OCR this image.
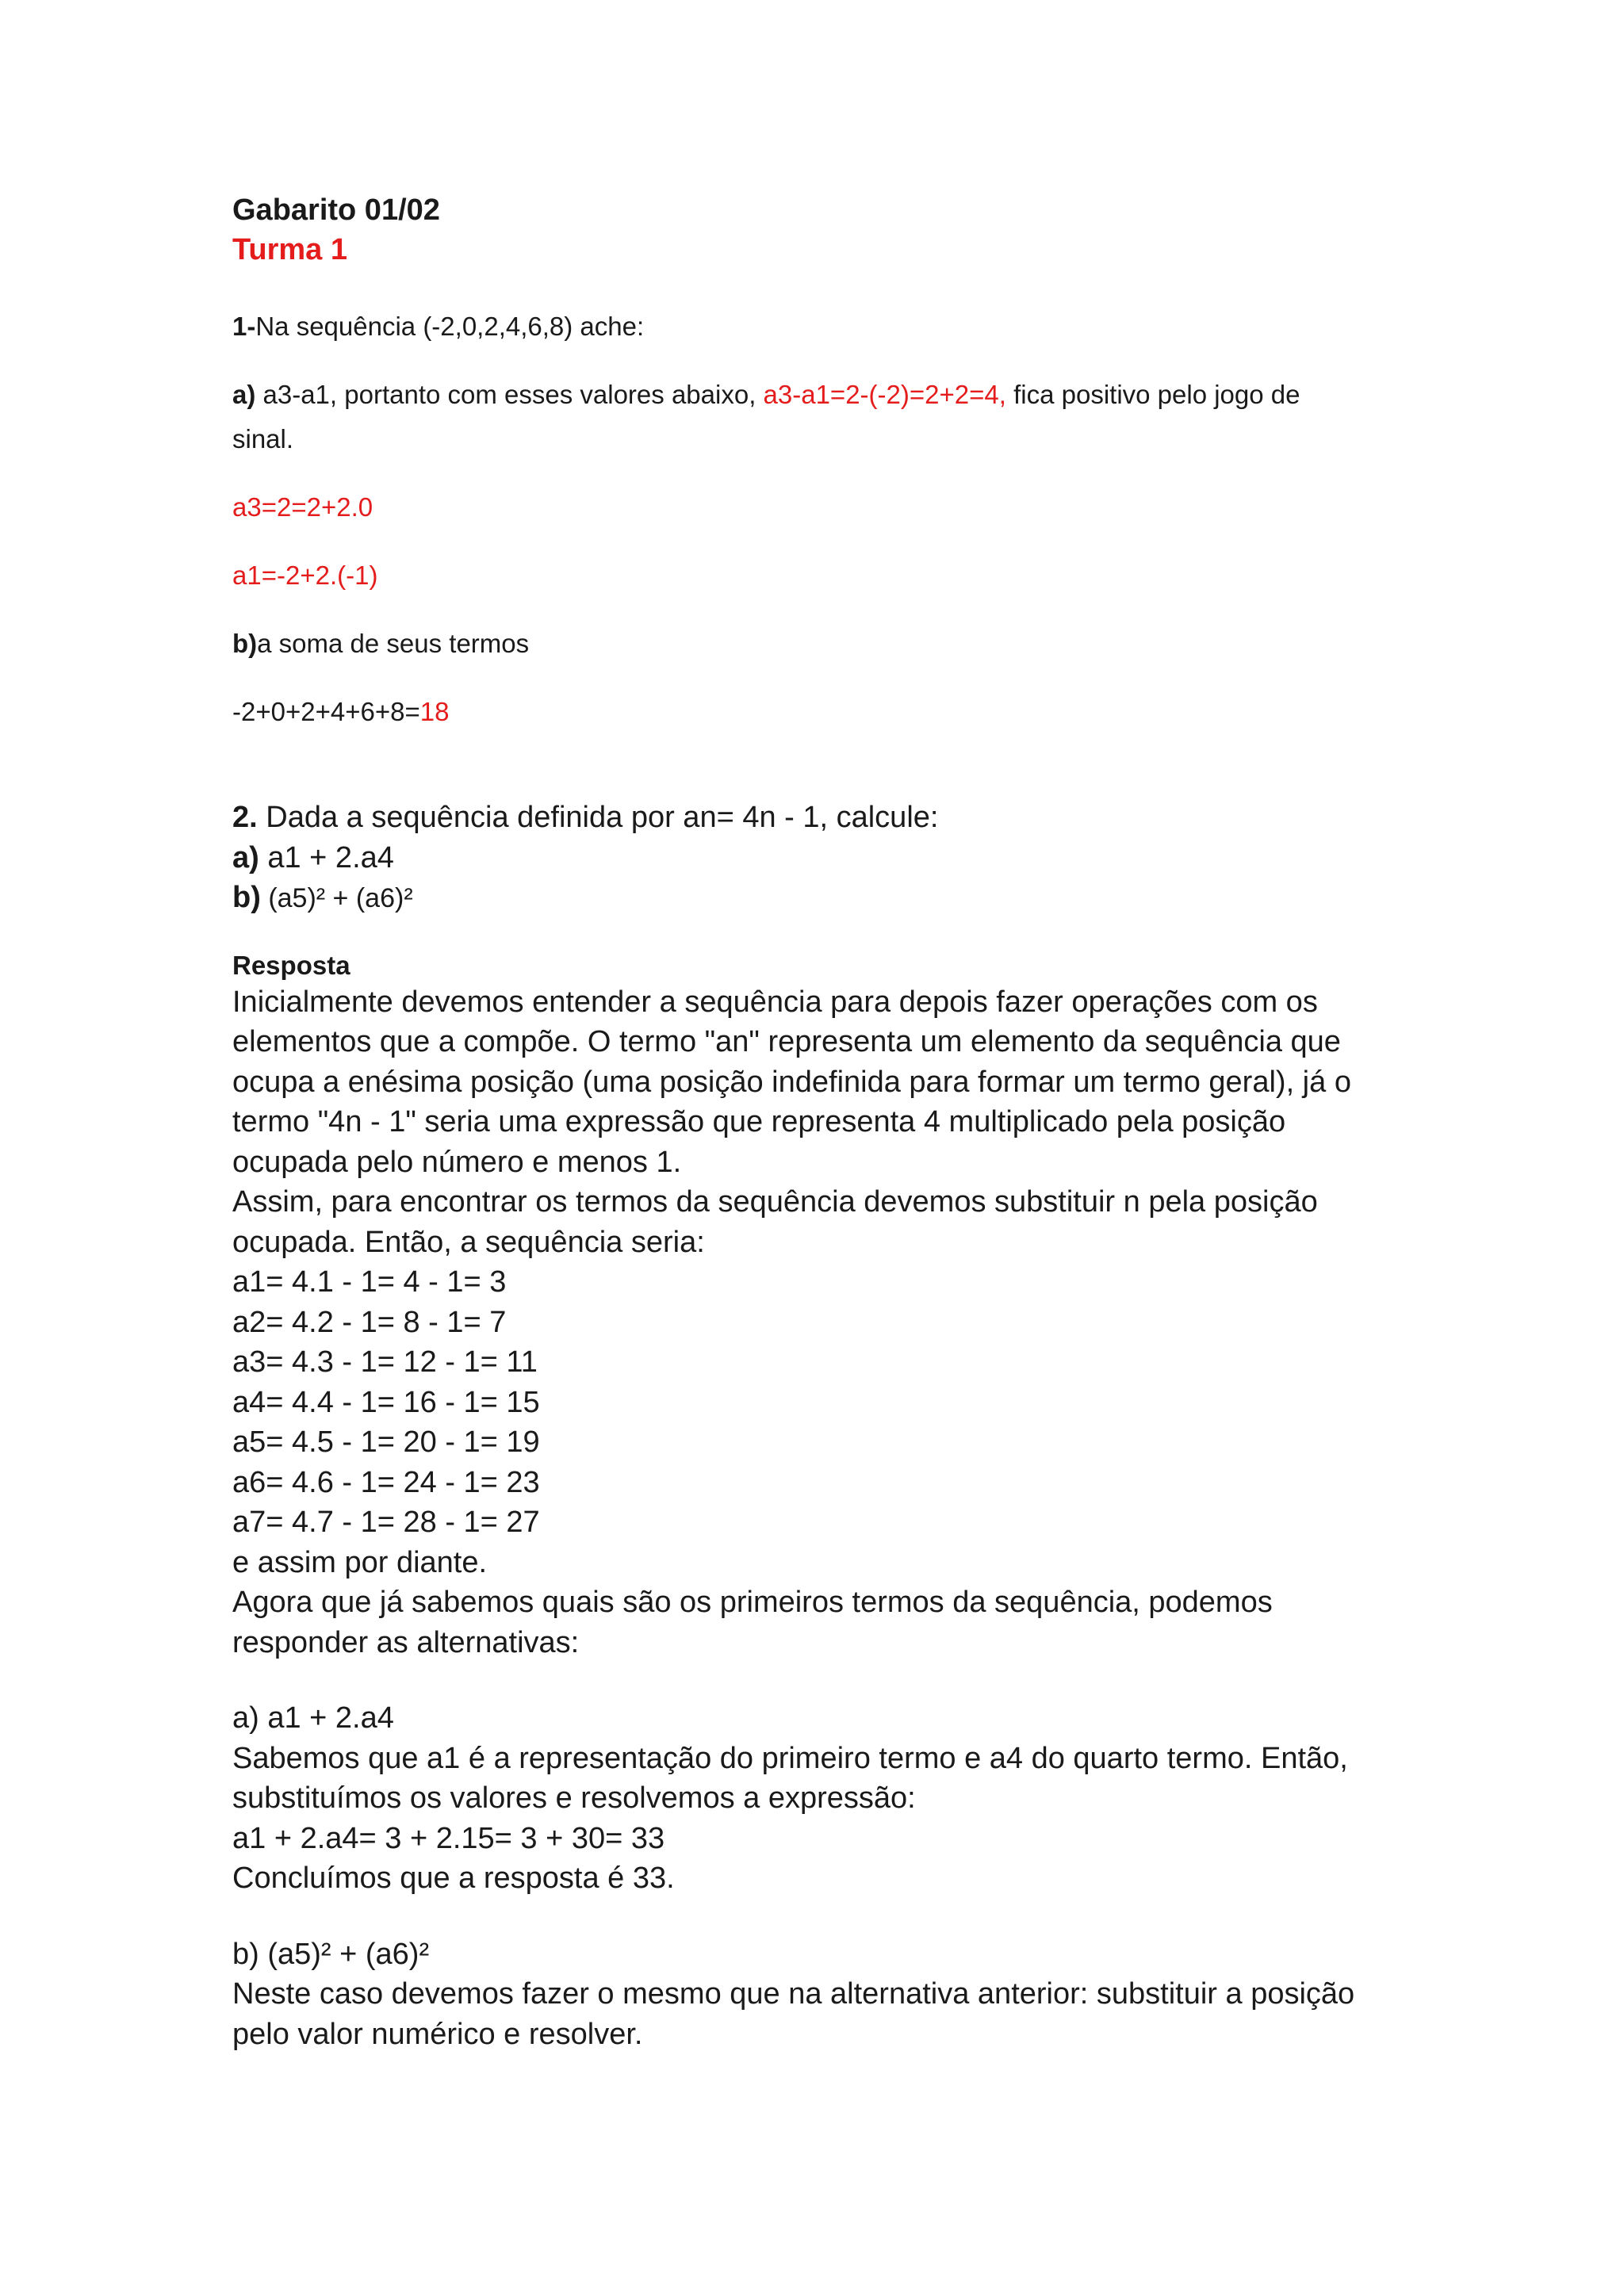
Gabarito 01/02
Turma 1
1-Na sequência (-2,0,2,4,6,8) ache:
a) a3-a1, portanto com esses valores abaixo, a3-a1=2-(-2)=2+2=4, fica positivo pelo jogo de
sinal.
a3=2=2+2.0
a1=-2+2.(-1)
b)a soma de seus termos
-2+0+2+4+6+8=18
2. Dada a sequência definida por an= 4n - 1, calcule:
a) a1 + 2.a4
b) (a5)² + (a6)²
Resposta
Inicialmente devemos entender a sequência para depois fazer operações com os
elementos que a compõe. O termo "an" representa um elemento da sequência que
ocupa a enésima posição (uma posição indefinida para formar um termo geral), já o
termo "4n - 1" seria uma expressão que representa 4 multiplicado pela posição
ocupada pelo número e menos 1.
Assim, para encontrar os termos da sequência devemos substituir n pela posição
ocupada. Então, a sequência seria:
a1= 4.1 - 1= 4 - 1= 3
a2= 4.2 - 1= 8 - 1= 7
a3= 4.3 - 1= 12 - 1= 11
a4= 4.4 - 1= 16 - 1= 15
a5= 4.5 - 1= 20 - 1= 19
a6= 4.6 - 1= 24 - 1= 23
a7= 4.7 - 1= 28 - 1= 27
e assim por diante.
Agora que já sabemos quais são os primeiros termos da sequência, podemos
responder as alternativas:
a) a1 + 2.a4
Sabemos que a1 é a representação do primeiro termo e a4 do quarto termo. Então,
substituímos os valores e resolvemos a expressão:
a1 + 2.a4= 3 + 2.15= 3 + 30= 33
Concluímos que a resposta é 33.
b) (a5)² + (a6)²
Neste caso devemos fazer o mesmo que na alternativa anterior: substituir a posição
pelo valor numérico e resolver.
